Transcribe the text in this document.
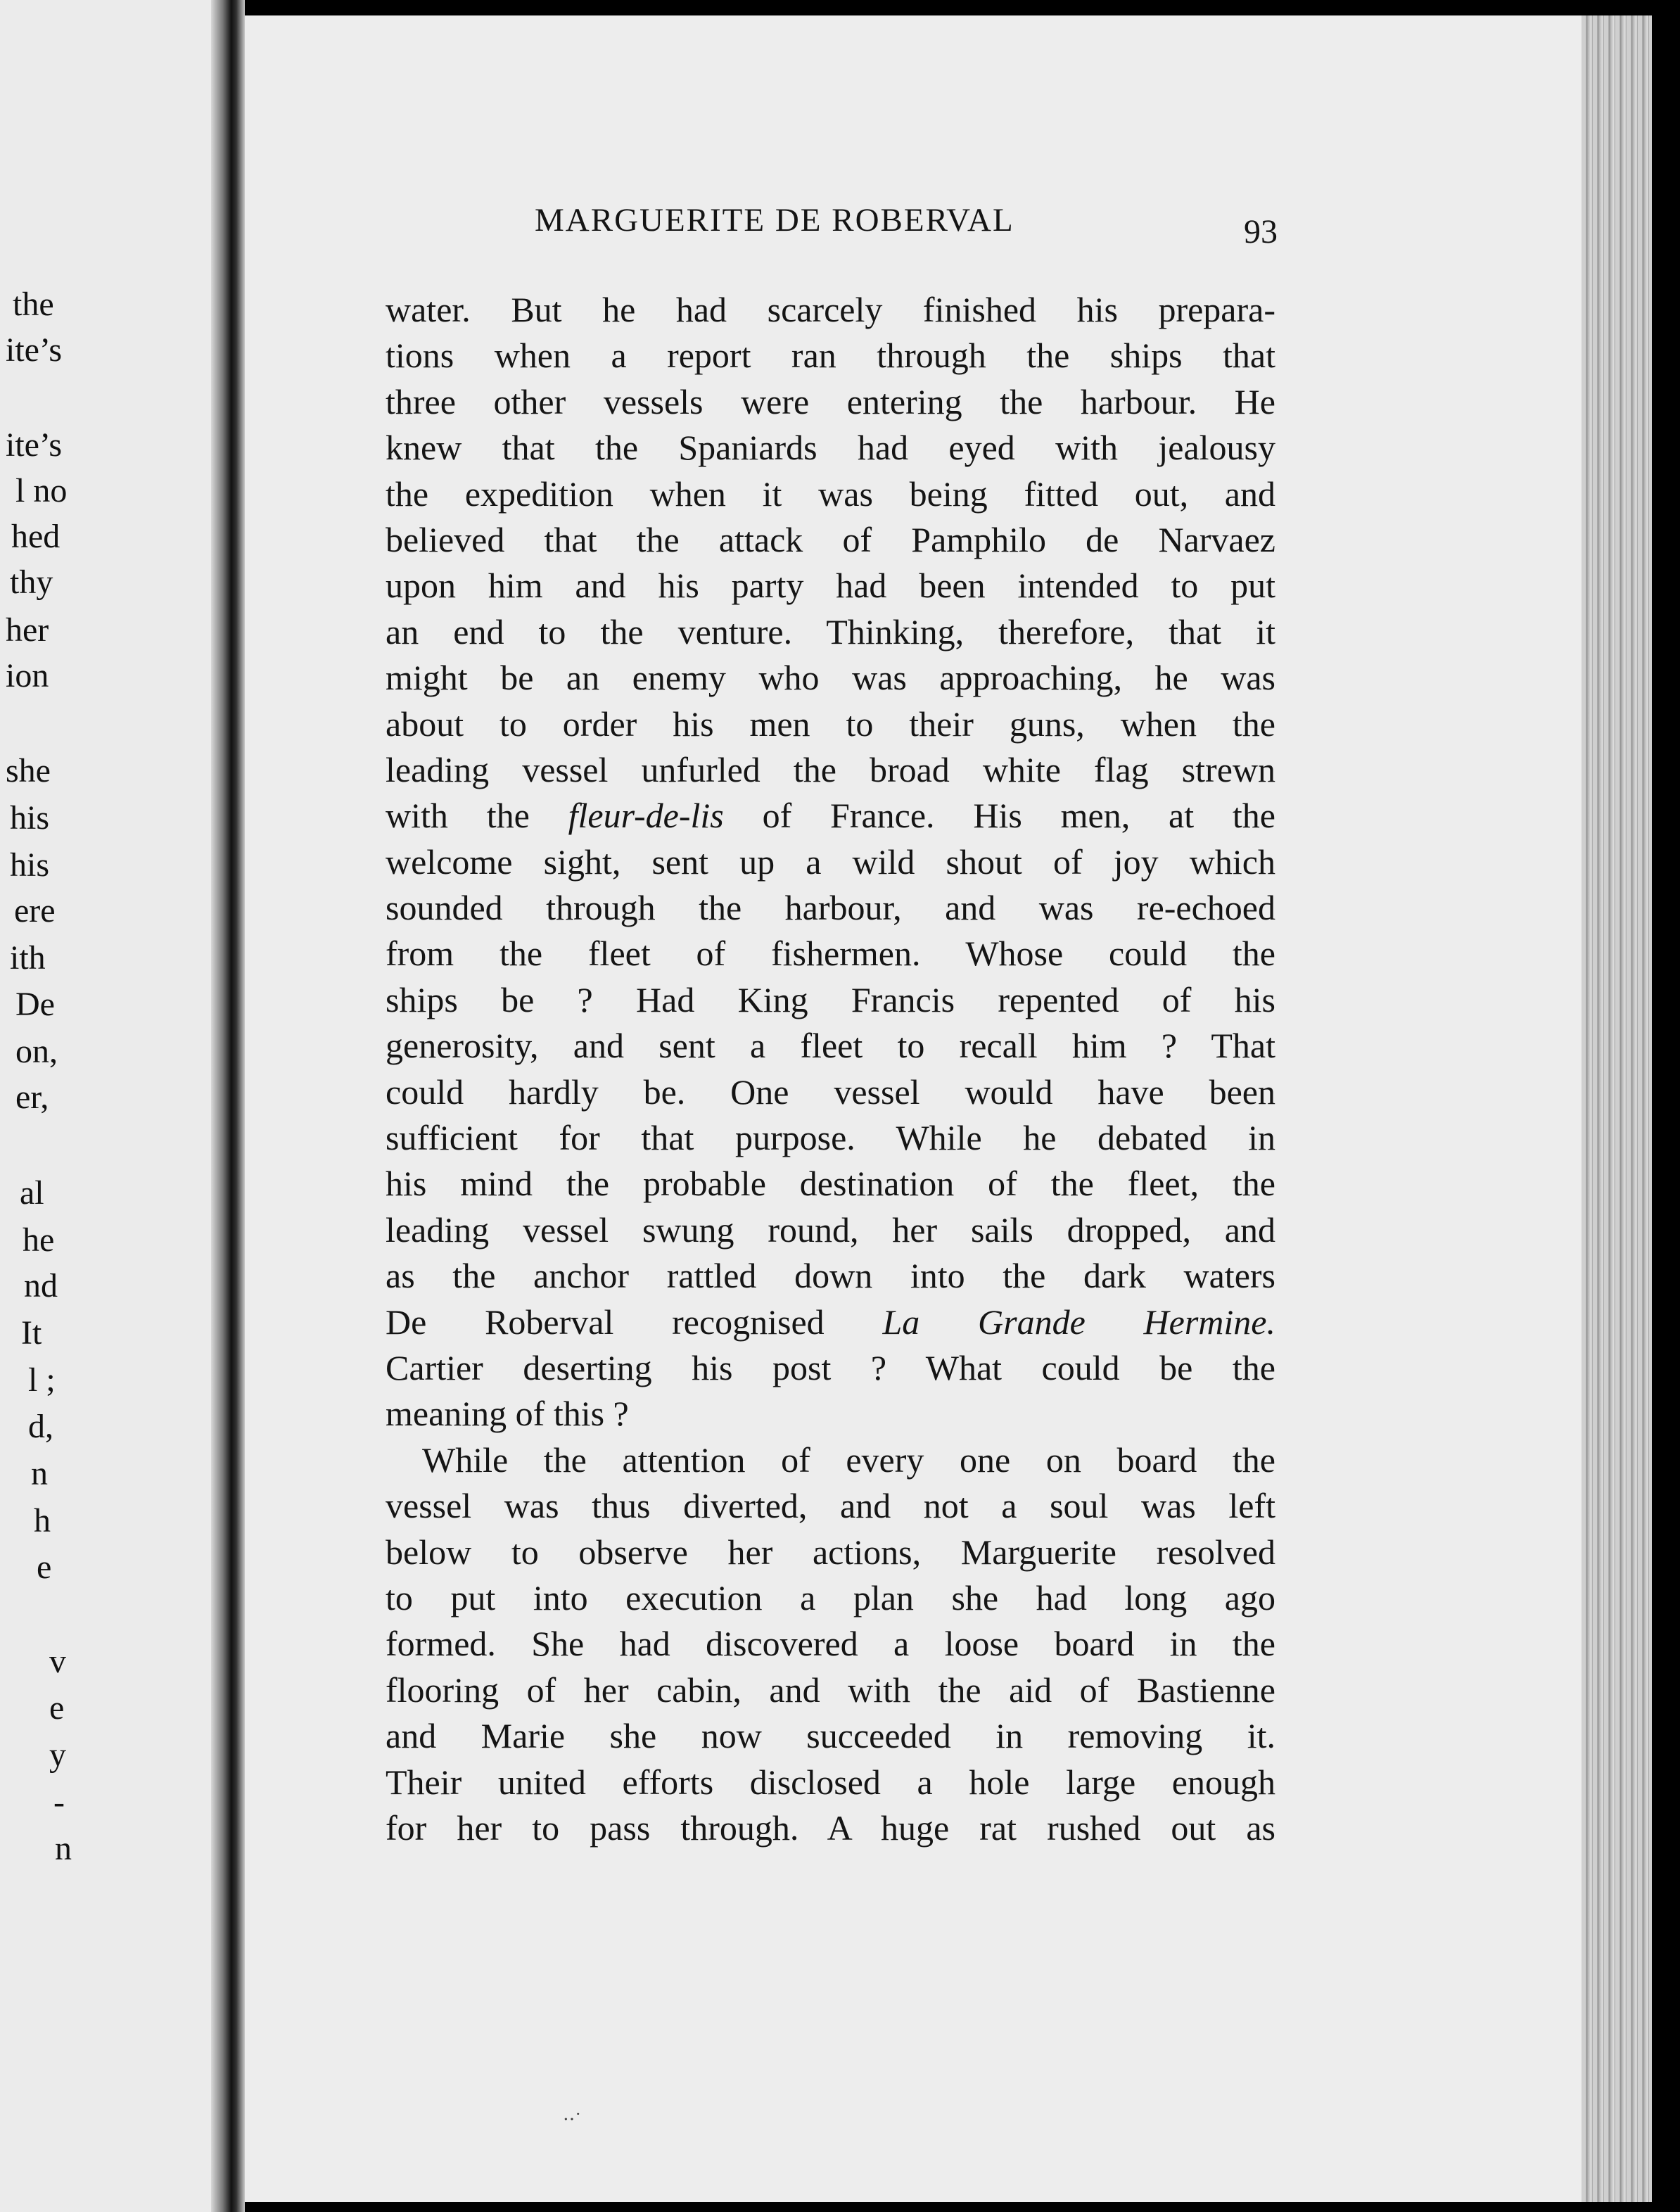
the
ite’s
ite’s
l no
hed
thy
her
ion
she
his
his
ere
ith
De
on,
er,
al
he
nd
It
l ;
d,
n
h
e
v
e
y
-
n
MARGUERITE DE ROBERVAL	93
water. But he had scarcely finished his prepara-
tions when a report ran through the ships that
three other vessels were entering the harbour. He
knew that the Spaniards had eyed with jealousy
the expedition when it was being fitted out, and
believed that the attack of Pamphilo de Narvaez
upon him and his party had been intended to put
an end to the venture. Thinking, therefore, that it
might be an enemy who was approaching, he was
about to order his men to their guns, when the
leading vessel unfurled the broad white flag strewn
with the fleur-de-lis of France. His men, at the
welcome sight, sent up a wild shout of joy which
sounded through the harbour, and was re-echoed
from the fleet of fishermen. Whose could the
ships be ? Had King Francis repented of his
generosity, and sent a fleet to recall him ? That
could hardly be. One vessel would have been
sufficient for that purpose. While he debated in
his mind the probable destination of the fleet, the
leading vessel swung round, her sails dropped, and
as the anchor rattled down into the dark waters
De Roberval recognised La Grande Hermine.
Cartier deserting his post ? What could be the
meaning of this ?
While the attention of every one on board the
vessel was thus diverted, and not a soul was left
below to observe her actions, Marguerite resolved
to put into execution a plan she had long ago
formed. She had discovered a loose board in the
flooring of her cabin, and with the aid of Bastienne
and Marie she now succeeded in removing it.
Their united efforts disclosed a hole large enough
for her to pass through. A huge rat rushed out as
․․·
